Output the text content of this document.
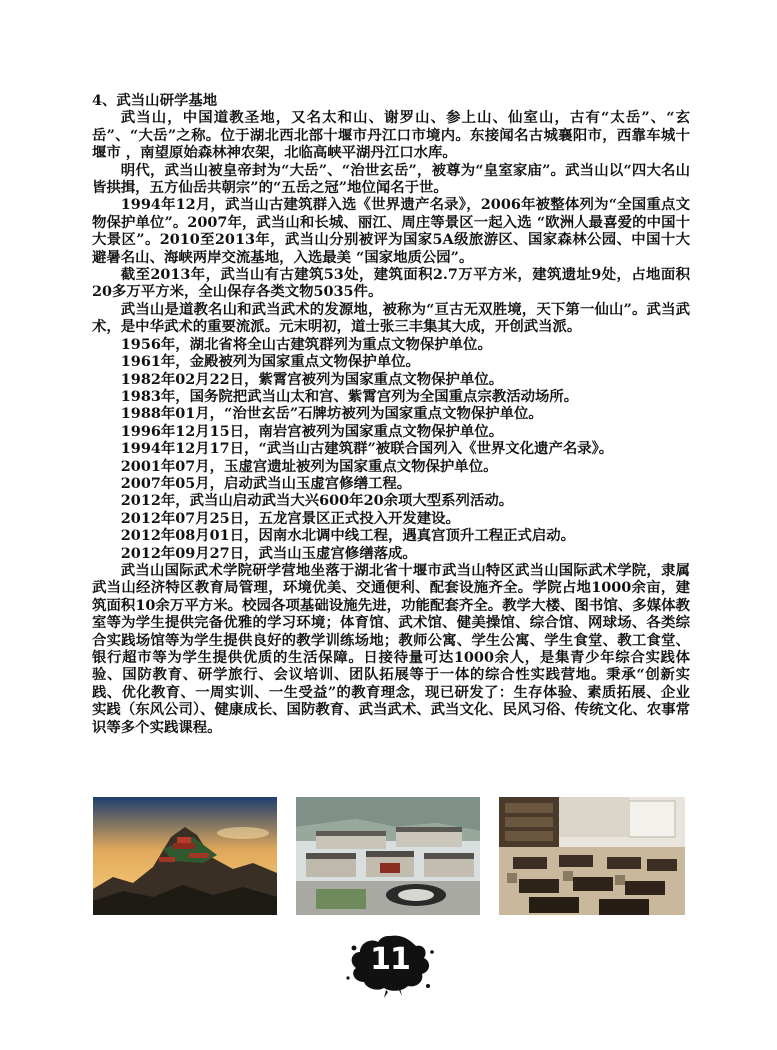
4、武当山研学基地

武当山，中国道教圣地，又名太和山、谢罗山、参上山、仙室山，古有“太岳”、“玄岳”、“大岳”之称。位于湖北西北部十堰市丹江口市境内。东接闻名古城襄阳市，西靠车城十堰市 ，南望原始森林神农架，北临高峡平湖丹江口水库。

明代，武当山被皇帝封为“大岳”、“治世玄岳”，被尊为“皇室家庙”。武当山以“四大名山皆拱揖，五方仙岳共朝宗”的“五岳之冠”地位闻名于世。

1994年12月，武当山古建筑群入选《世界遗产名录》，2006年被整体列为“全国重点文物保护单位”。2007年，武当山和长城、丽江、周庄等景区一起入选 “欧洲人最喜爱的中国十大景区”。2010至2013年，武当山分别被评为国家5A级旅游区、国家森林公园、中国十大避暑名山、海峡两岸交流基地，入选最美 “国家地质公园”。

截至2013年，武当山有古建筑53处，建筑面积2.7万平方米，建筑遗址9处，占地面积20多万平方米，全山保存各类文物5035件。

武当山是道教名山和武当武术的发源地，被称为“亘古无双胜境，天下第一仙山”。武当武术，是中华武术的重要流派。元末明初，道士张三丰集其大成，开创武当派。

1956年，湖北省将全山古建筑群列为重点文物保护单位。

1961年，金殿被列为国家重点文物保护单位。

1982年02月22日，紫霄宫被列为国家重点文物保护单位。

1983年，国务院把武当山太和宫、紫霄宫列为全国重点宗教活动场所。

1988年01月，“治世玄岳”石牌坊被列为国家重点文物保护单位。

1996年12月15日，南岩宫被列为国家重点文物保护单位。

1994年12月17日，“武当山古建筑群”被联合国列入《世界文化遗产名录》。

2001年07月，玉虚宫遗址被列为国家重点文物保护单位。

2007年05月，启动武当山玉虚宫修缮工程。

2012年，武当山启动武当大兴600年20余项大型系列活动。

2012年07月25日，五龙宫景区正式投入开发建设。

2012年08月01日，因南水北调中线工程，遇真宫顶升工程正式启动。

2012年09月27日，武当山玉虚宫修缮落成。

武当山国际武术学院研学营地坐落于湖北省十堰市武当山特区武当山国际武术学院，隶属武当山经济特区教育局管理，环境优美、交通便利、配套设施齐全。学院占地1000余亩，建筑面积10余万平方米。校园各项基础设施先进，功能配套齐全。教学大楼、图书馆、多媒体教室等为学生提供完备优雅的学习环境；体育馆、武术馆、健美操馆、综合馆、网球场、各类综合实践场馆等为学生提供良好的教学训练场地；教师公寓、学生公寓、学生食堂、教工食堂、银行超市等为学生提供优质的生活保障。日接待量可达1000余人，是集青少年综合实践体验、国防教育、研学旅行、会议培训、团队拓展等于一体的综合性实践营地。秉承“创新实践、优化教育、一周实训、一生受益”的教育理念，现已研发了：生存体验、素质拓展、企业实践（东风公司）、健康成长、国防教育、武当武术、武当文化、民风习俗、传统文化、农事常识等多个实践课程。

11
